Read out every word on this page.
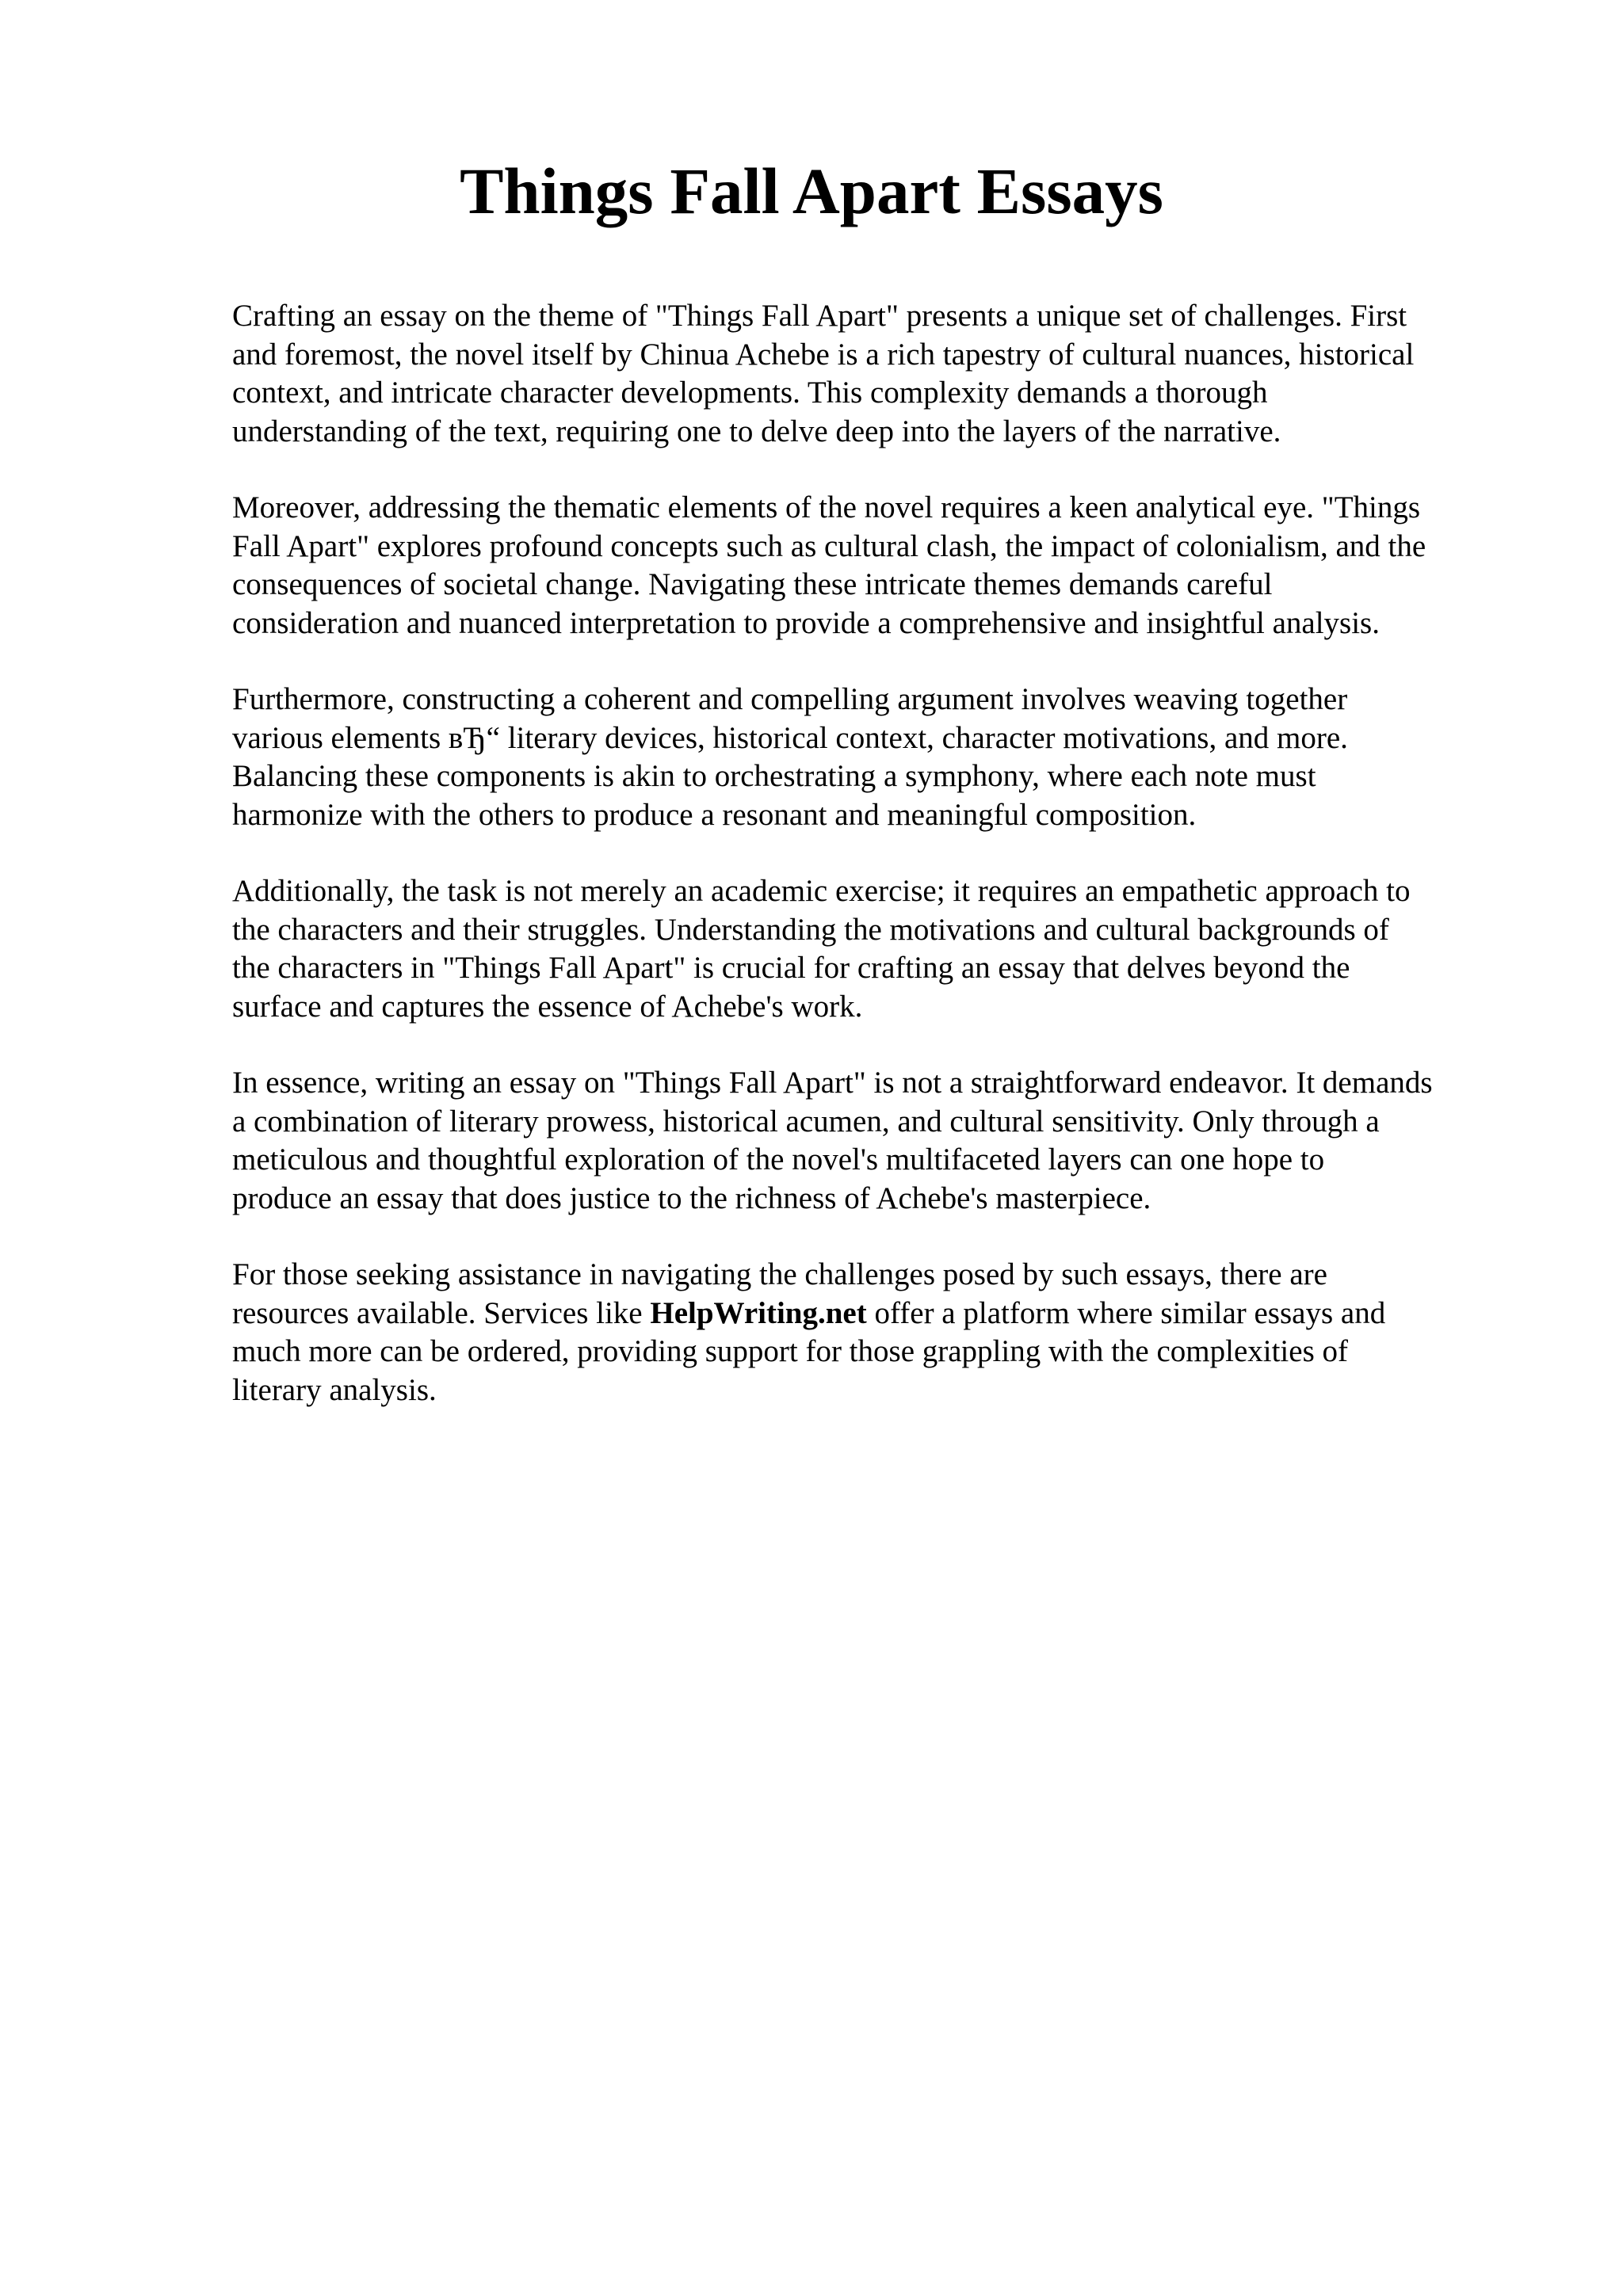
Things Fall Apart Essays

Crafting an essay on the theme of "Things Fall Apart" presents a unique set of challenges. First
and foremost, the novel itself by Chinua Achebe is a rich tapestry of cultural nuances, historical
context, and intricate character developments. This complexity demands a thorough
understanding of the text, requiring one to delve deep into the layers of the narrative.

Moreover, addressing the thematic elements of the novel requires a keen analytical eye. "Things
Fall Apart" explores profound concepts such as cultural clash, the impact of colonialism, and the
consequences of societal change. Navigating these intricate themes demands careful
consideration and nuanced interpretation to provide a comprehensive and insightful analysis.

Furthermore, constructing a coherent and compelling argument involves weaving together
various elements вЂ“ literary devices, historical context, character motivations, and more.
Balancing these components is akin to orchestrating a symphony, where each note must
harmonize with the others to produce a resonant and meaningful composition.

Additionally, the task is not merely an academic exercise; it requires an empathetic approach to
the characters and their struggles. Understanding the motivations and cultural backgrounds of
the characters in "Things Fall Apart" is crucial for crafting an essay that delves beyond the
surface and captures the essence of Achebe's work.

In essence, writing an essay on "Things Fall Apart" is not a straightforward endeavor. It demands
a combination of literary prowess, historical acumen, and cultural sensitivity. Only through a
meticulous and thoughtful exploration of the novel's multifaceted layers can one hope to
produce an essay that does justice to the richness of Achebe's masterpiece.

For those seeking assistance in navigating the challenges posed by such essays, there are
resources available. Services like HelpWriting.net offer a platform where similar essays and
much more can be ordered, providing support for those grappling with the complexities of
literary analysis.
